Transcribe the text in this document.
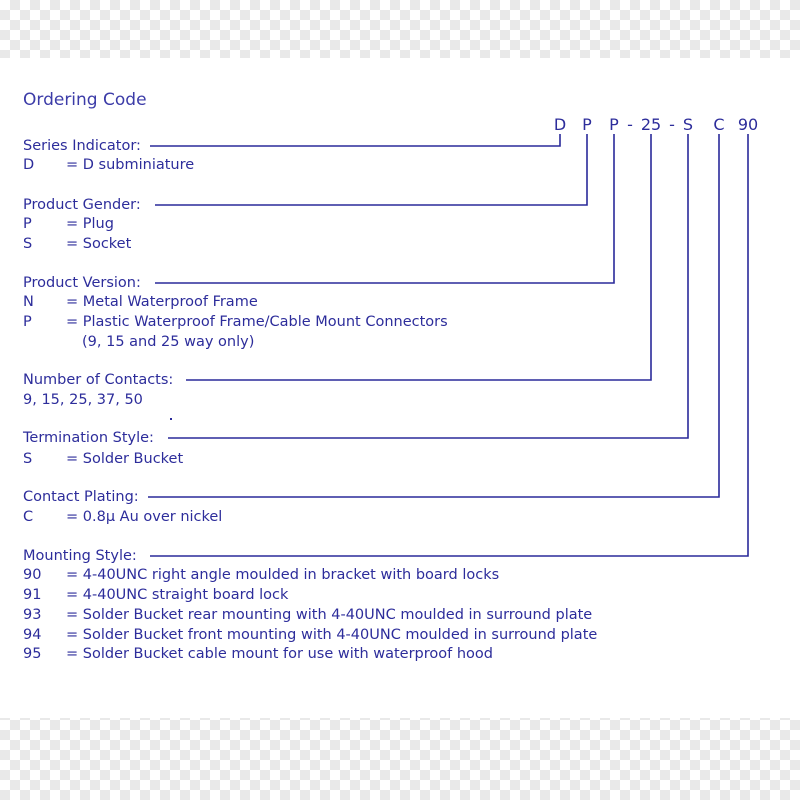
Ordering Code
D	P	P - 25 - S	C 90
Series Indicator:
D = D subminiature
Product Gender:
P = Plug
S = Socket
Product Version:
N = Metal Waterproof Frame
P = Plastic Waterproof Frame/Cable Mount Connectors
(9, 15 and 25 way only)
Number of Contacts:
9, 15, 25, 37, 50
Termination Style:
S = Solder Bucket
Contact Plating:
C = 0.8μ Au over nickel
Mounting Style:
90 = 4-40UNC right angle moulded in bracket with board locks
91 = 4-40UNC straight board lock
93 = Solder Bucket rear mounting with 4-40UNC moulded in surround plate
94 = Solder Bucket front mounting with 4-40UNC moulded in surround plate
95 = Solder Bucket cable mount for use with waterproof hood
